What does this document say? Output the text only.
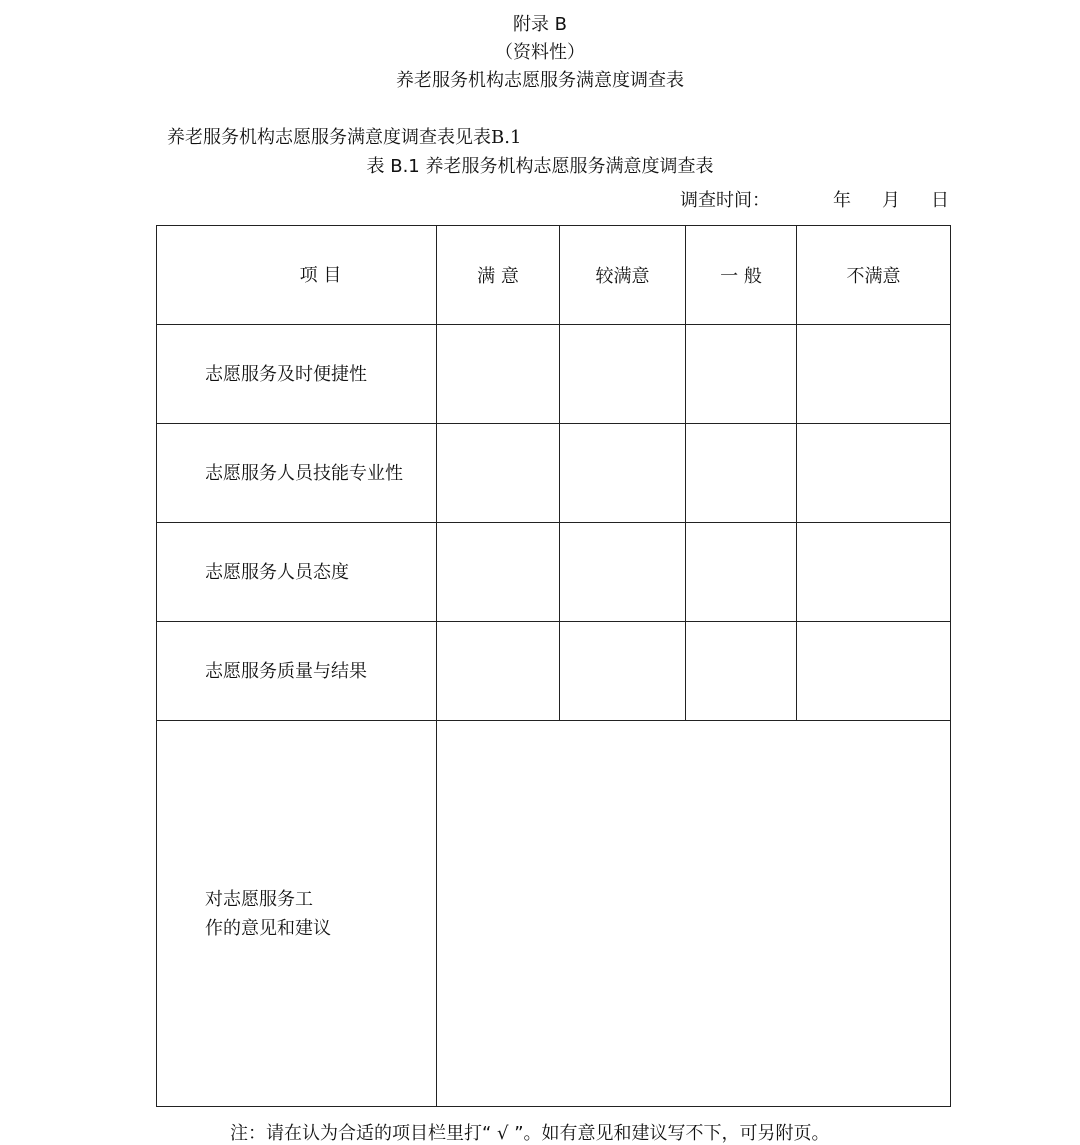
附录 B
（资料性）
养老服务机构志愿服务满意度调查表
养老服务机构志愿服务满意度调查表见表B.1
表 B.1 养老服务机构志愿服务满意度调查表
调查时间：	年 月 日
项 目	满 意	较满意	一 般	不满意
志愿服务及时便捷性				
志愿服务人员技能专业性				
志愿服务人员态度				
志愿服务质量与结果				

对志愿服务工
作的意见和建议				

注：请在认为合适的项目栏里打“ √ ”。如有意见和建议写不下，可另附页。
